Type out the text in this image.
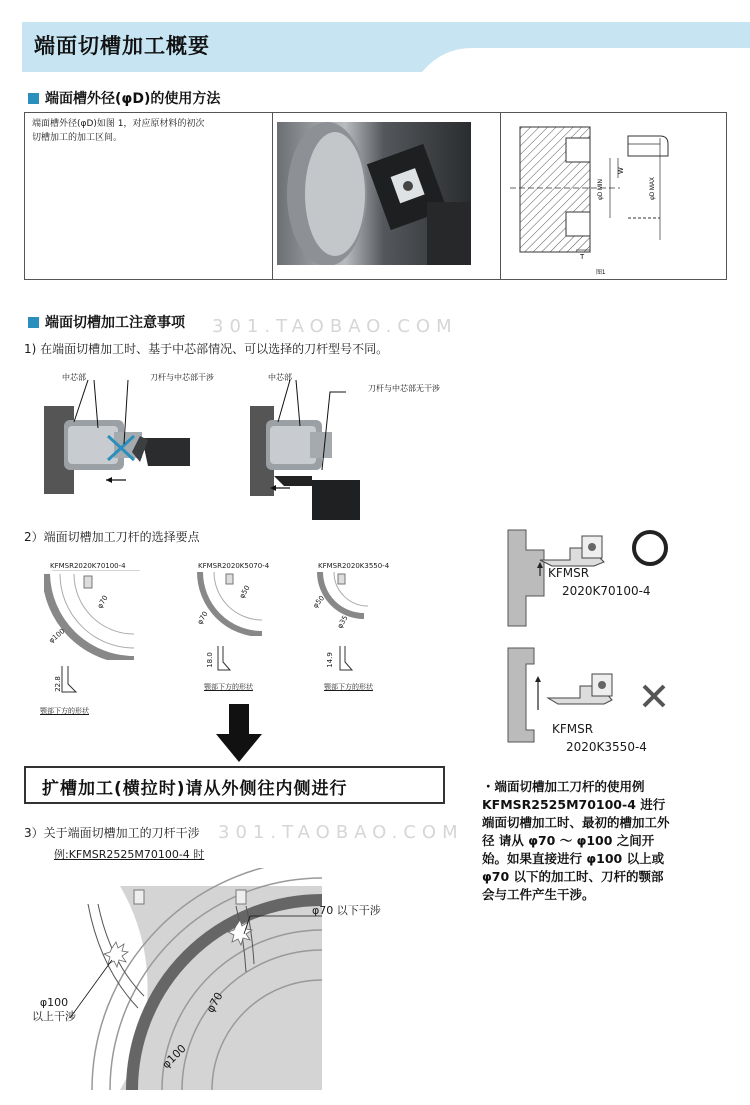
端面切槽加工概要
端面槽外径(φD)的使用方法
端面槽外径(φD)如图 1，对应原材料的初次
切槽加工的加工区间。
φD MIN	φD MAX
W
T
图1
端面切槽加工注意事项 301.TAOBAO.COM
1) 在端面切槽加工时、基于中芯部情况、可以选择的刀杆型号不同。
中芯部	刀杆与中芯部干涉	中芯部
刀杆与中芯部无干涉
2）端面切槽加工刀杆的选择要点
KFMSR2020K70100-4
φ70
φ100
22.8
颚部下方的形状
KFMSR2020K5070-4
φ50
φ70
18.0
颚部下方的形状
KFMSR2020K3550-4
φ50
φ35
14.9
颚部下方的形状
KFMSR
2020K70100-4
KFMSR
2020K3550-4
扩槽加工(横拉时)请从外侧往内侧进行	・端面切槽加工刀杆的使用例
KFMSR2525M70100-4 进行
端面切槽加工时、最初的槽加工外
径 请从 φ70 ～ φ100 之间开
始。如果直接进行 φ100 以上或
φ70 以下的加工时、刀杆的颚部
会与工件产生干涉。
3）关于端面切槽加工的刀杆干涉 301.TAOBAO.COM
例:KFMSR2525M70100-4 时
φ70 以下干涉
φ100
以上干涉
φ70
φ100
